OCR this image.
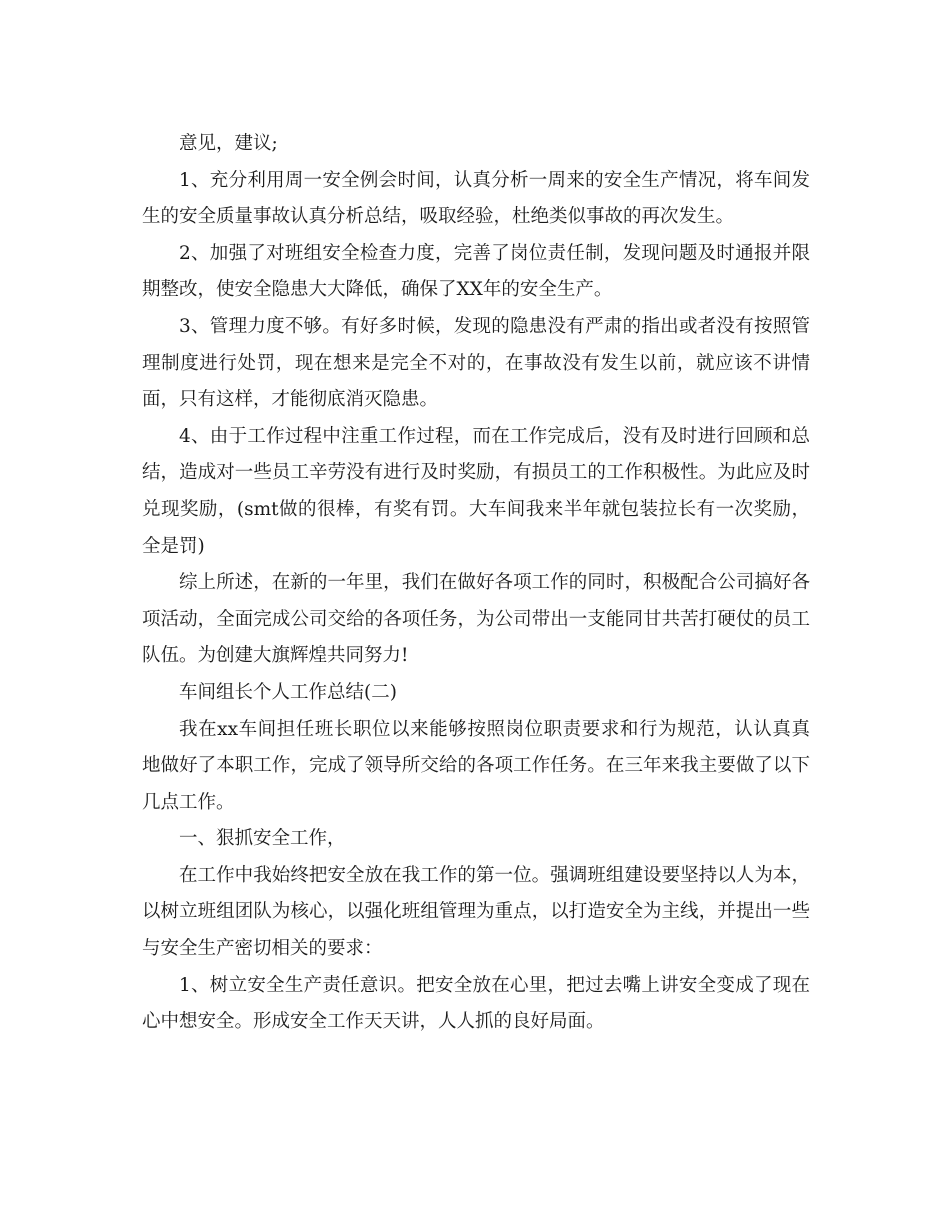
意见，建议;

1、充分利用周一安全例会时间，认真分析一周来的安全生产情况，将车间发生的安全质量事故认真分析总结，吸取经验，杜绝类似事故的再次发生。

2、加强了对班组安全检查力度，完善了岗位责任制，发现问题及时通报并限期整改，使安全隐患大大降低，确保了XX年的安全生产。

3、管理力度不够。有好多时候，发现的隐患没有严肃的指出或者没有按照管理制度进行处罚，现在想来是完全不对的，在事故没有发生以前，就应该不讲情面，只有这样，才能彻底消灭隐患。

4、由于工作过程中注重工作过程，而在工作完成后，没有及时进行回顾和总结，造成对一些员工辛劳没有进行及时奖励，有损员工的工作积极性。为此应及时兑现奖励，(smt做的很棒，有奖有罚。大车间我来半年就包装拉长有一次奖励，全是罚)

综上所述，在新的一年里，我们在做好各项工作的同时，积极配合公司搞好各项活动，全面完成公司交给的各项任务，为公司带出一支能同甘共苦打硬仗的员工队伍。为创建大旗辉煌共同努力!

车间组长个人工作总结(二)

我在xx车间担任班长职位以来能够按照岗位职责要求和行为规范，认认真真地做好了本职工作，完成了领导所交给的各项工作任务。在三年来我主要做了以下几点工作。

一、狠抓安全工作，

在工作中我始终把安全放在我工作的第一位。强调班组建设要坚持以人为本，以树立班组团队为核心，以强化班组管理为重点，以打造安全为主线，并提出一些与安全生产密切相关的要求：

1、树立安全生产责任意识。把安全放在心里，把过去嘴上讲安全变成了现在心中想安全。形成安全工作天天讲，人人抓的良好局面。
